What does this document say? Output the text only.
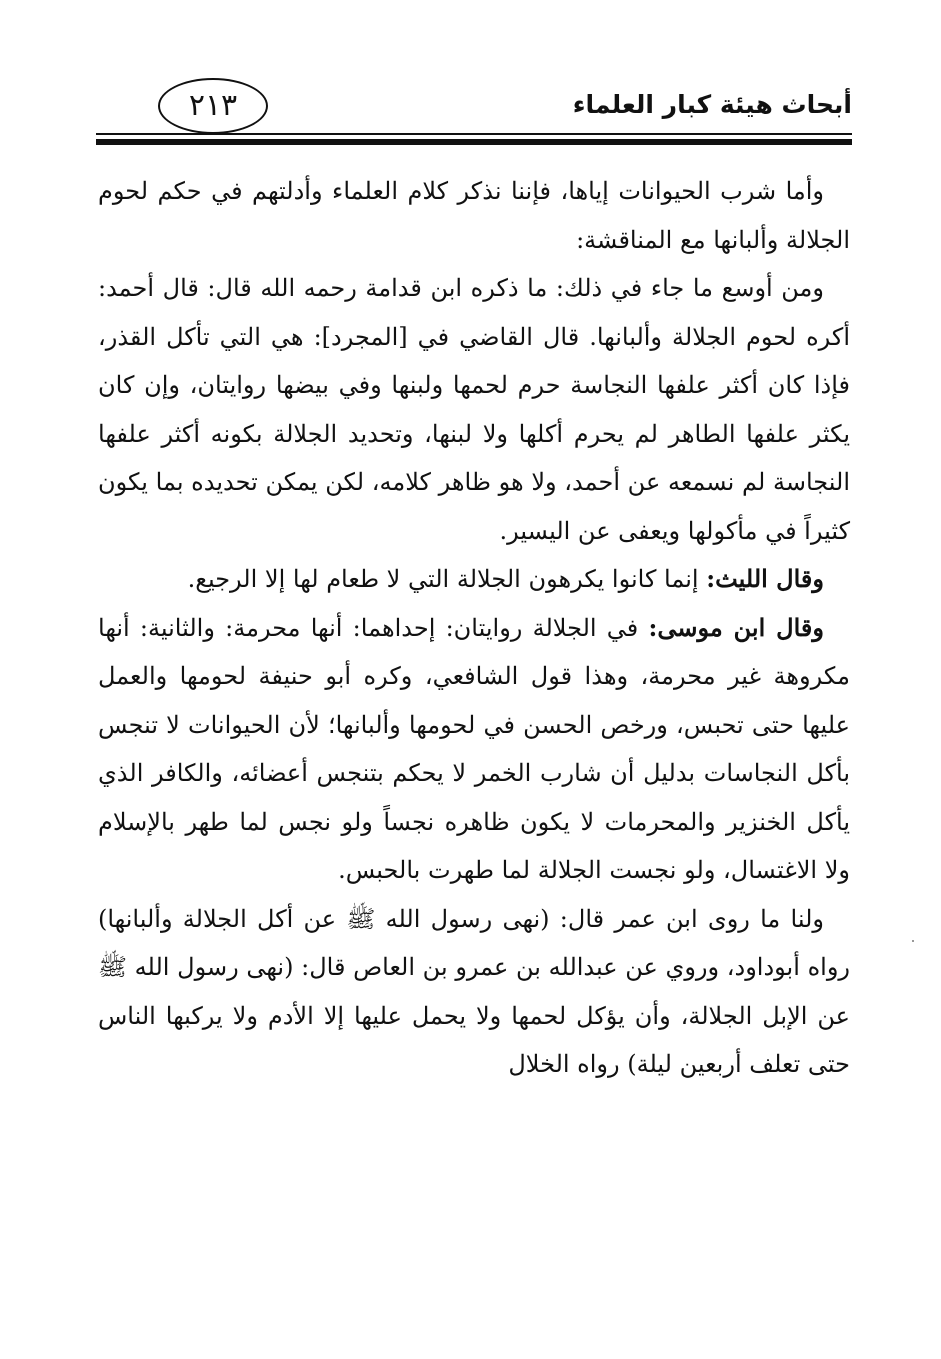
أبحاث هيئة كبار العلماء
٢١٣

وأما شرب الحيوانات إياها، فإننا نذكر كلام العلماء وأدلتهم في حكم لحوم الجلالة وألبانها مع المناقشة:

ومن أوسع ما جاء في ذلك: ما ذكره ابن قدامة رحمه الله قال: قال أحمد: أكره لحوم الجلالة وألبانها. قال القاضي في [المجرد]: هي التي تأكل القذر، فإذا كان أكثر علفها النجاسة حرم لحمها ولبنها وفي بيضها روايتان، وإن كان يكثر علفها الطاهر لم يحرم أكلها ولا لبنها، وتحديد الجلالة بكونه أكثر علفها النجاسة لم نسمعه عن أحمد، ولا هو ظاهر كلامه، لكن يمكن تحديده بما يكون كثيراً في مأكولها ويعفى عن اليسير.

وقال الليث: إنما كانوا يكرهون الجلالة التي لا طعام لها إلا الرجيع.

وقال ابن موسى: في الجلالة روايتان: إحداهما: أنها محرمة: والثانية: أنها مكروهة غير محرمة، وهذا قول الشافعي، وكره أبو حنيفة لحومها والعمل عليها حتى تحبس، ورخص الحسن في لحومها وألبانها؛ لأن الحيوانات لا تنجس بأكل النجاسات بدليل أن شارب الخمر لا يحكم بتنجس أعضائه، والكافر الذي يأكل الخنزير والمحرمات لا يكون ظاهره نجساً ولو نجس لما طهر بالإسلام ولا الاغتسال، ولو نجست الجلالة لما طهرت بالحبس.

ولنا ما روى ابن عمر قال: (نهى رسول الله ﷺ عن أكل الجلالة وألبانها) رواه أبوداود، وروي عن عبدالله بن عمرو بن العاص قال: (نهى رسول الله ﷺ عن الإبل الجلالة، وأن يؤكل لحمها ولا يحمل عليها إلا الأدم ولا يركبها الناس حتى تعلف أربعين ليلة) رواه الخلال
